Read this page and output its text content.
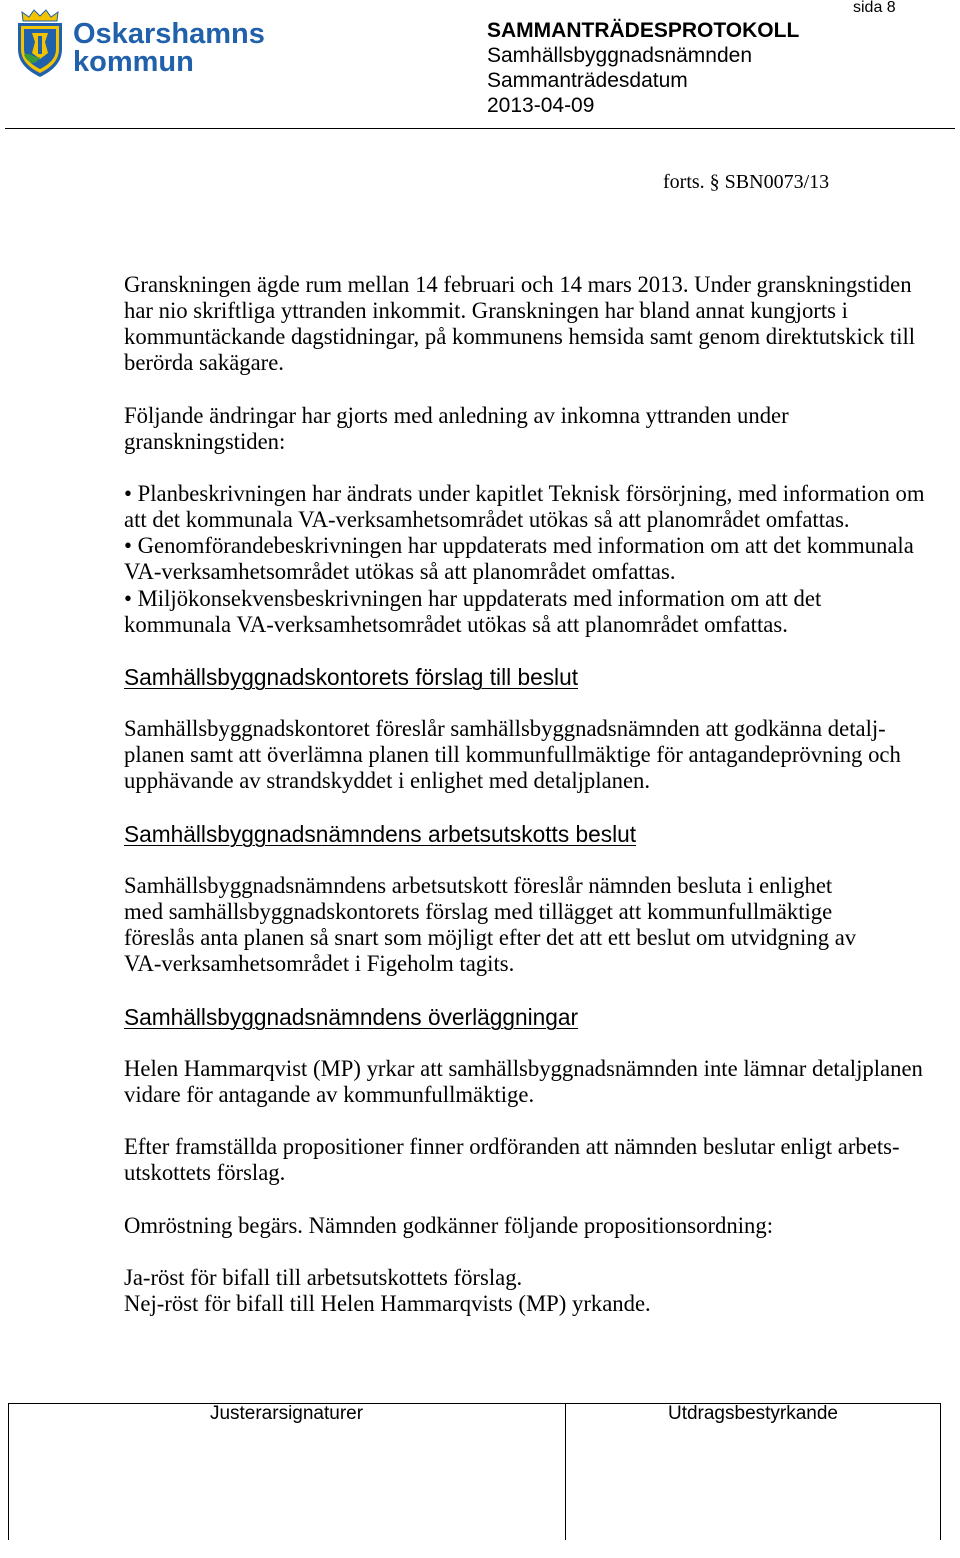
Oskarshamns
kommun
sida 8
SAMMANTRÄDESPROTOKOLL
Samhällsbyggnadsnämnden
Sammanträdesdatum
2013-04-09
forts. § SBN0073/13
Granskningen ägde rum mellan 14 februari och 14 mars 2013. Under granskningstiden
har nio skriftliga yttranden inkommit. Granskningen har bland annat kungjorts i
kommuntäckande dagstidningar, på kommunens hemsida samt genom direktutskick till
berörda sakägare.
Följande ändringar har gjorts med anledning av inkomna yttranden under
granskningstiden:
• Planbeskrivningen har ändrats under kapitlet Teknisk försörjning, med information om
att det kommunala VA-verksamhetsområdet utökas så att planområdet omfattas.
• Genomförandebeskrivningen har uppdaterats med information om att det kommunala
VA-verksamhetsområdet utökas så att planområdet omfattas.
• Miljökonsekvensbeskrivningen har uppdaterats med information om att det
kommunala VA-verksamhetsområdet utökas så att planområdet omfattas.
Samhällsbyggnadskontorets förslag till beslut
Samhällsbyggnadskontoret föreslår samhällsbyggnadsnämnden att godkänna detalj-
planen samt att överlämna planen till kommunfullmäktige för antagandeprövning och
upphävande av strandskyddet i enlighet med detaljplanen.
Samhällsbyggnadsnämndens arbetsutskotts beslut
Samhällsbyggnadsnämndens arbetsutskott föreslår nämnden besluta i enlighet
med samhällsbyggnadskontorets förslag med tillägget att kommunfullmäktige
föreslås anta planen så snart som möjligt efter det att ett beslut om utvidgning av
VA-verksamhetsområdet i Figeholm tagits.
Samhällsbyggnadsnämndens överläggningar
Helen Hammarqvist (MP) yrkar att samhällsbyggnadsnämnden inte lämnar detaljplanen
vidare för antagande av kommunfullmäktige.
Efter framställda propositioner finner ordföranden att nämnden beslutar enligt arbets-
utskottets förslag.
Omröstning begärs. Nämnden godkänner följande propositionsordning:
Ja-röst för bifall till arbetsutskottets förslag.
Nej-röst för bifall till Helen Hammarqvists (MP) yrkande.
Justerarsignaturer	Utdragsbestyrkande
